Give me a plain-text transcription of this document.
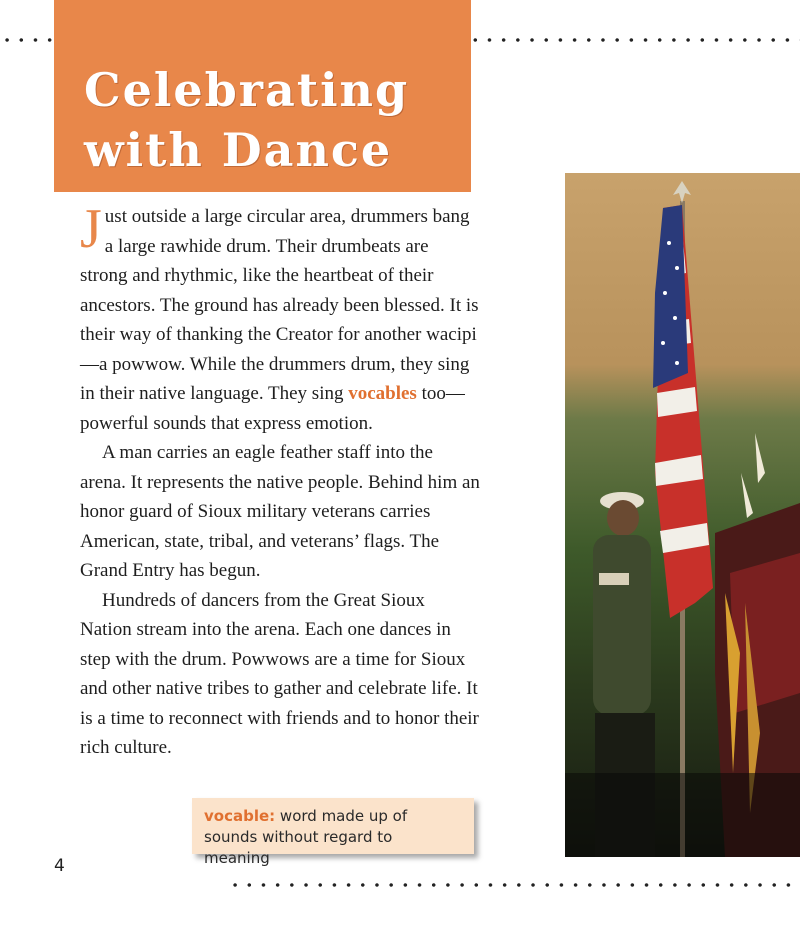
Celebrating
with Dance

Just outside a large circular area, drummers bang a large rawhide drum. Their drumbeats are strong and rhythmic, like the heartbeat of their ancestors. The ground has already been blessed. It is their way of thanking the Creator for another wacipi—a powwow. While the drummers drum, they sing in their native language. They sing vocables too—powerful sounds that express emotion.

A man carries an eagle feather staff into the arena. It represents the native people. Behind him an honor guard of Sioux military veterans carries American, state, tribal, and veterans’ flags. The Grand Entry has begun.

Hundreds of dancers from the Great Sioux Nation stream into the arena. Each one dances in step with the drum. Powwows are a time for Sioux and other native tribes to gather and celebrate life. It is a time to reconnect with friends and to honor their rich culture.

vocable: word made up of sounds without regard to meaning
4
